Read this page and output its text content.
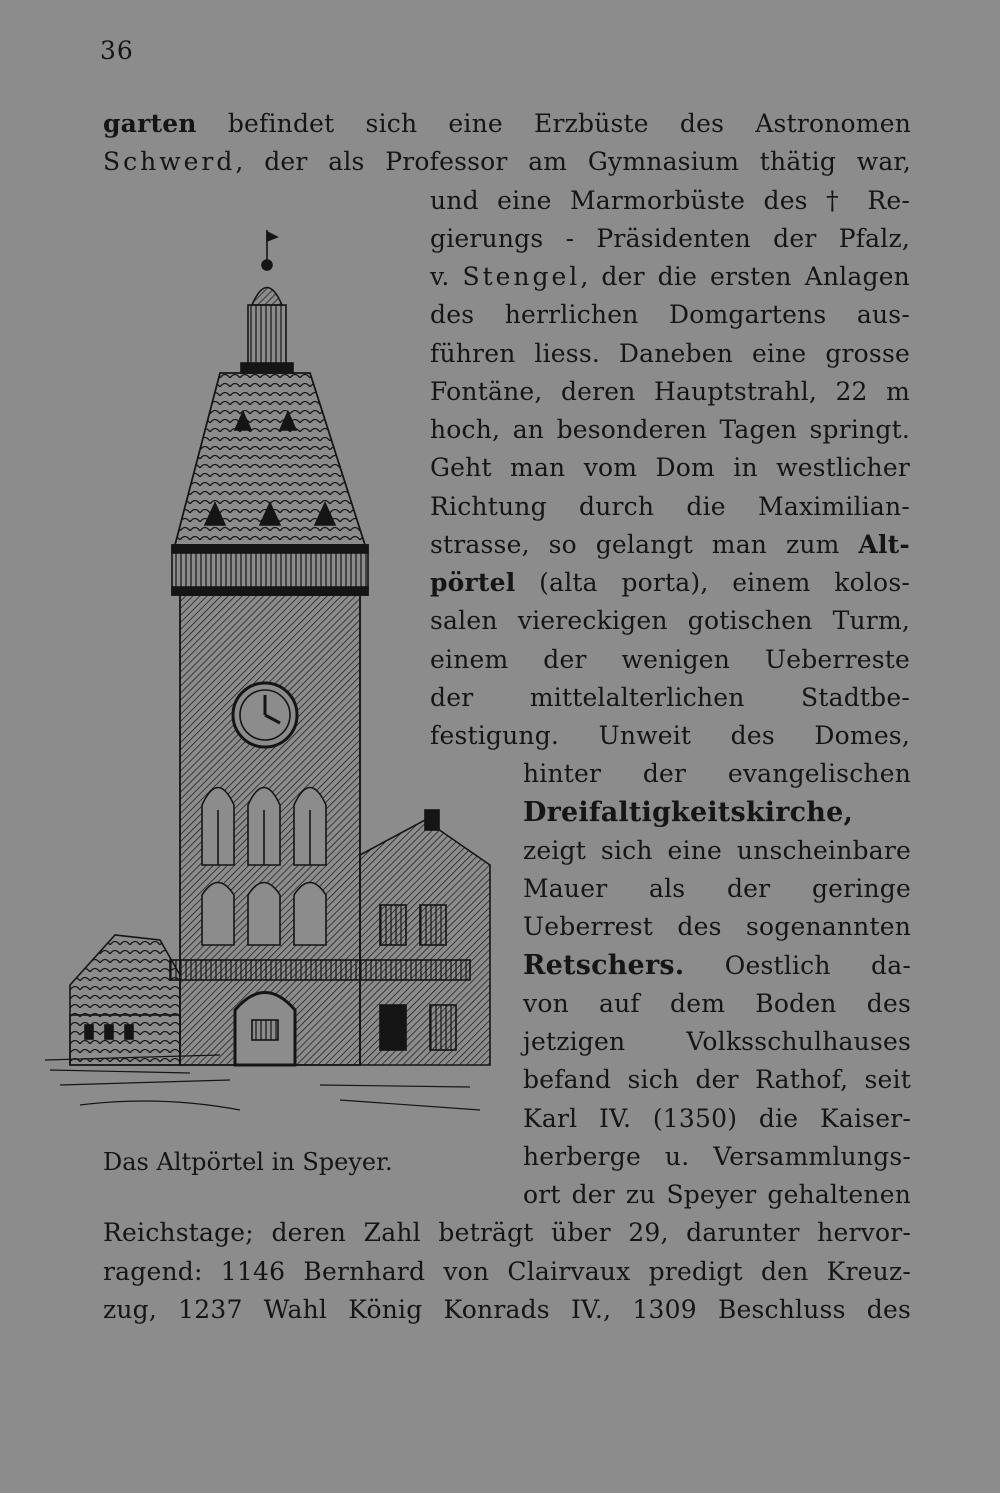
36
garten befindet sich eine Erzbüste des Astronomen
Schwerd, der als Professor am Gymnasium thätig war,
und eine Marmorbüste des † Re-
gierungs - Präsidenten der Pfalz,
v. Stengel, der die ersten Anlagen
des herrlichen Domgartens aus-
führen liess. Daneben eine grosse
Fontäne, deren Hauptstrahl, 22 m
hoch, an besonderen Tagen springt.
Geht man vom Dom in westlicher
Richtung durch die Maximilian-
strasse, so gelangt man zum Alt-
pörtel (alta porta), einem kolos-
salen viereckigen gotischen Turm,
einem der wenigen Ueberreste
der mittelalterlichen Stadtbe-
festigung. Unweit des Domes,
hinter der evangelischen
Dreifaltigkeitskirche,
zeigt sich eine unscheinbare
Mauer als der geringe
Ueberrest des sogenannten
Retschers. Oestlich da-
von auf dem Boden des
jetzigen Volksschulhauses
befand sich der Rathof, seit
Karl IV. (1350) die Kaiser-
herberge u. Versammlungs-
ort der zu Speyer gehaltenen
Reichstage; deren Zahl beträgt über 29, darunter hervor-
ragend: 1146 Bernhard von Clairvaux predigt den Kreuz-
zug, 1237 Wahl König Konrads IV., 1309 Beschluss des
Das Altpörtel in Speyer.
